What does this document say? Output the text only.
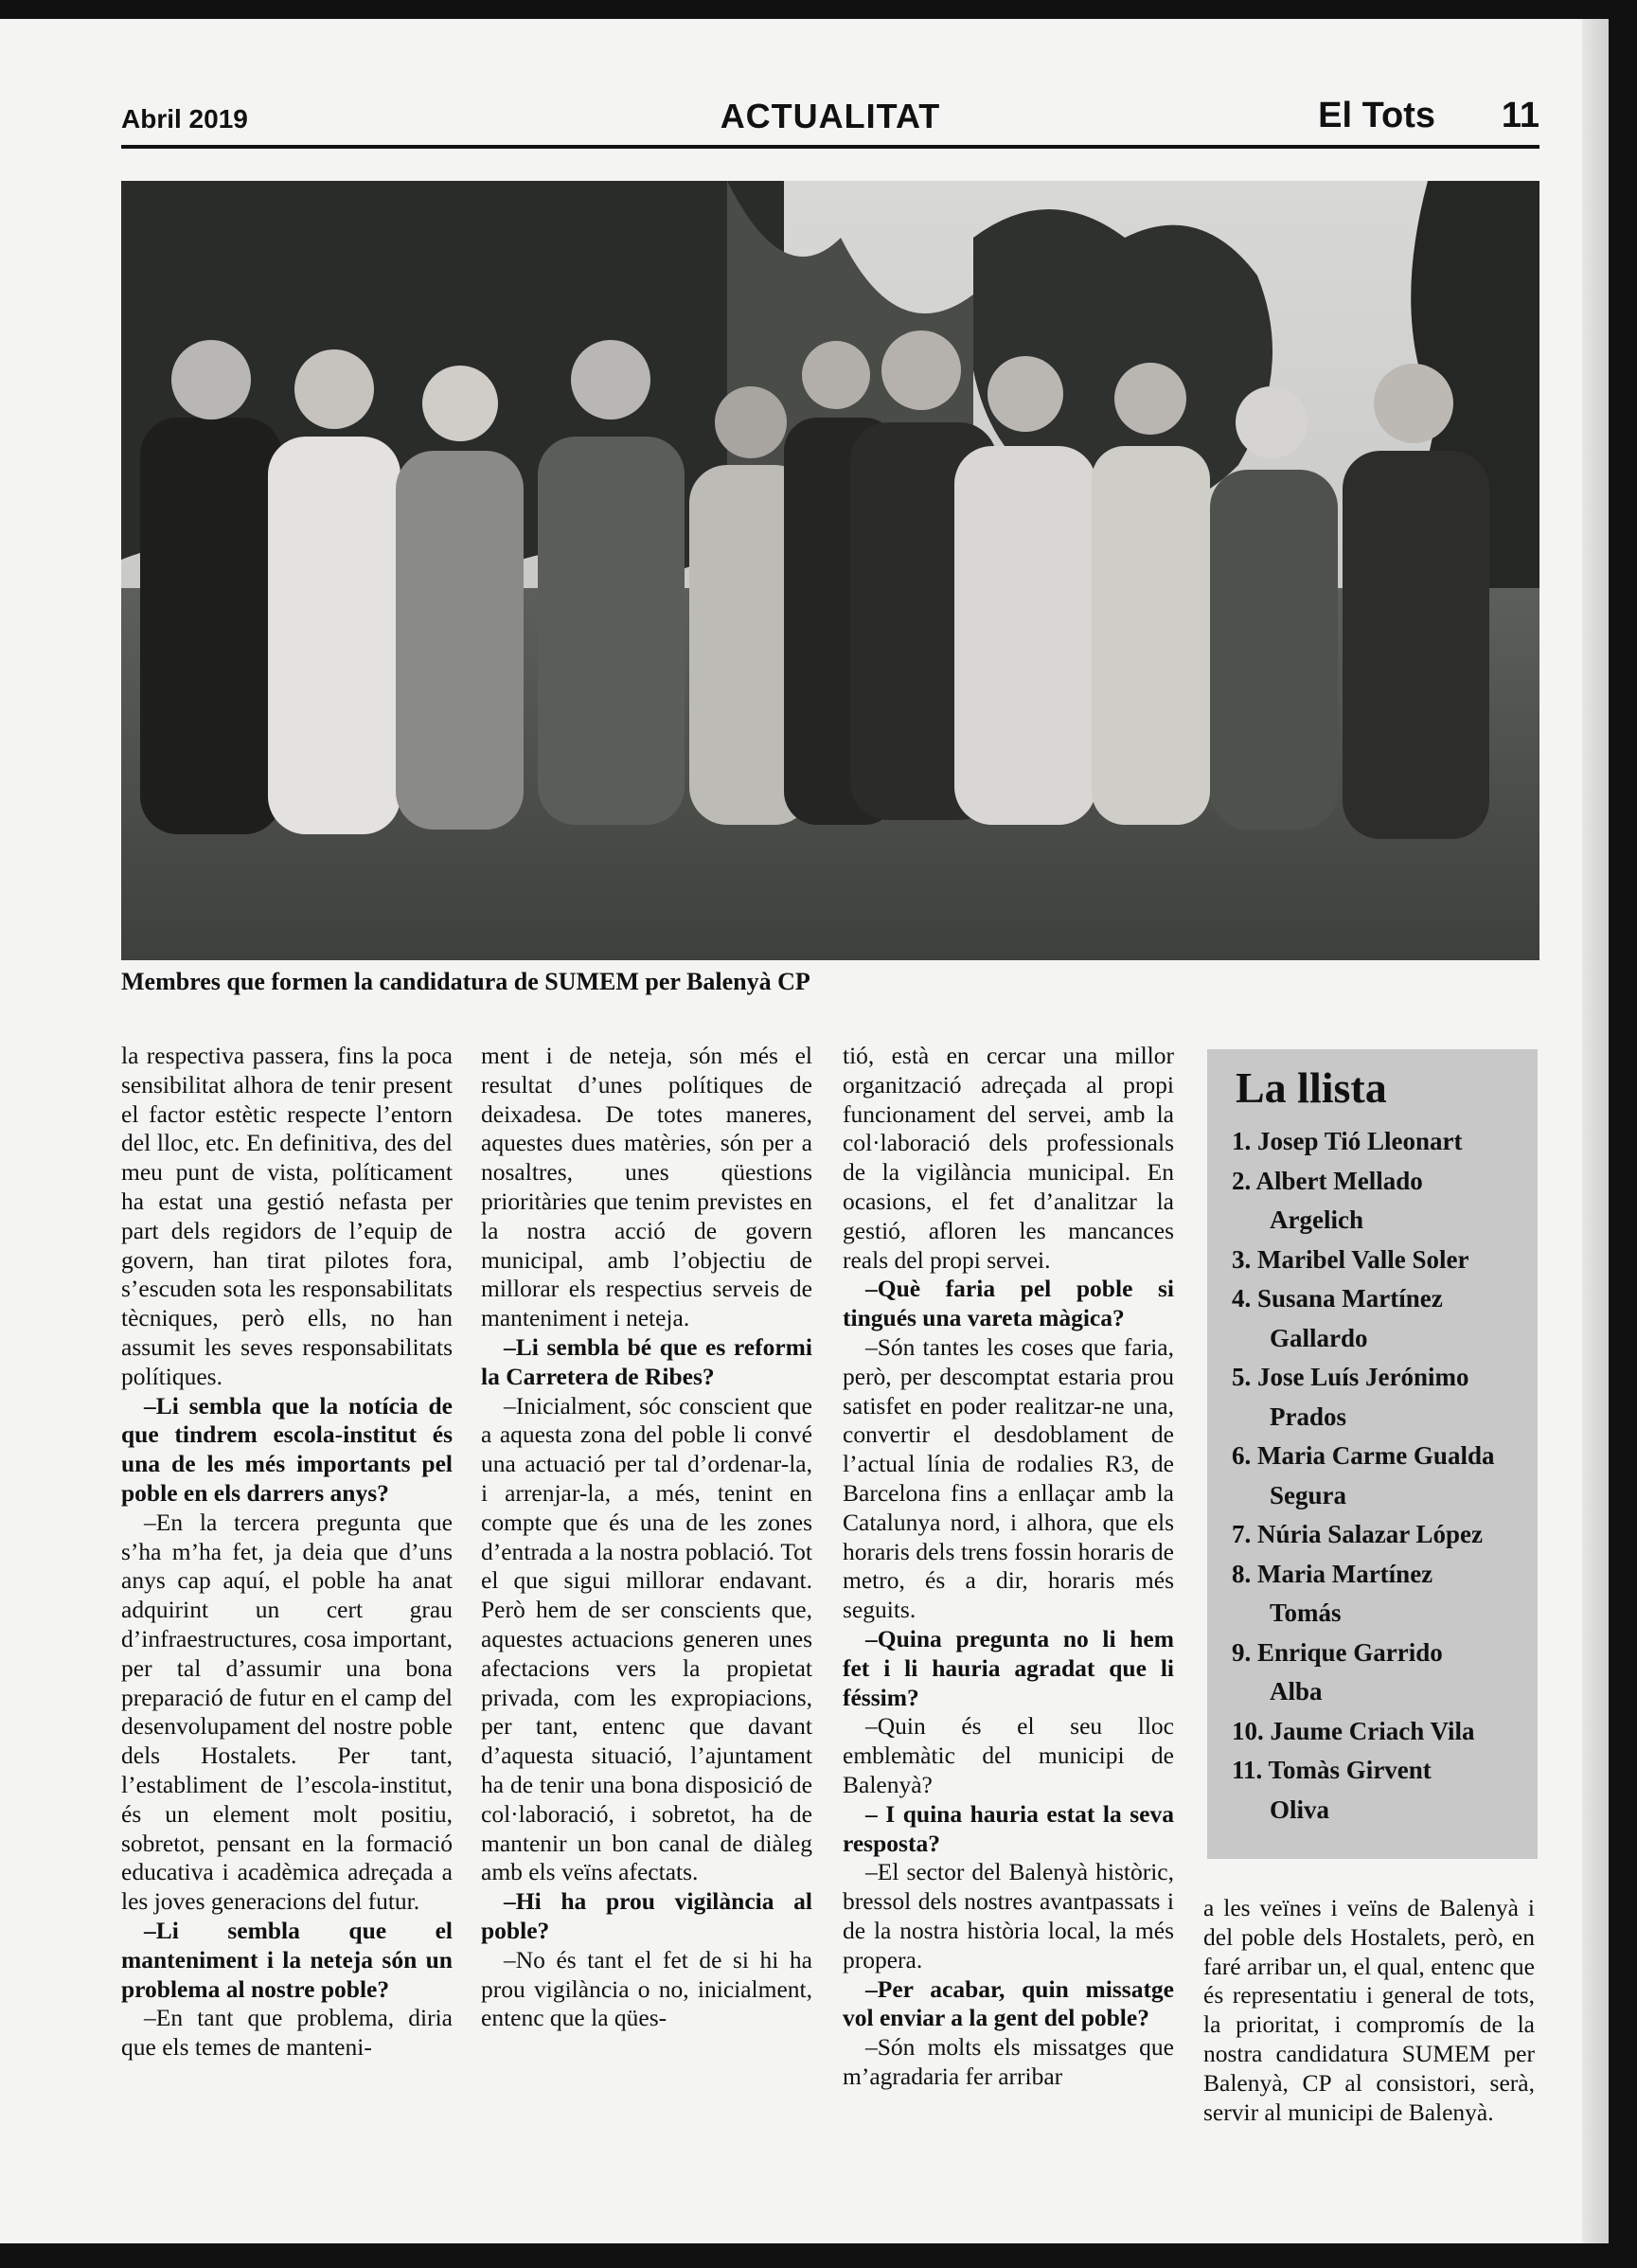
Abril 2019	ACTUALITAT	El Tots 11
Membres que formen la candidatura de SUMEM per Balenyà CP

la respectiva passera, fins la poca sensibilitat alhora de tenir present el factor estètic respecte l’entorn del lloc, etc. En definitiva, des del meu punt de vista, políticament ha estat una gestió nefasta per part dels regidors de l’equip de govern, han tirat pilotes fora, s’escuden sota les responsabilitats tècniques, però ells, no han assumit les seves responsabilitats polítiques.

–Li sembla que la notícia de que tindrem escola-institut és una de les més importants pel poble en els darrers anys?

–En la tercera pregunta que s’ha m’ha fet, ja deia que d’uns anys cap aquí, el poble ha anat adquirint un cert grau d’infraestructures, cosa important, per tal d’assumir una bona preparació de futur en el camp del desenvolupament del nostre poble dels Hostalets. Per tant, l’establiment de l’escola-institut, és un element molt positiu, sobretot, pensant en la formació educativa i acadèmica adreçada a les joves generacions del futur.

–Li sembla que el manteniment i la neteja són un problema al nostre poble?

–En tant que problema, diria que els temes de manteni-

ment i de neteja, són més el resultat d’unes polítiques de deixadesa. De totes maneres, aquestes dues matèries, són per a nosaltres, unes qüestions prioritàries que tenim previstes en la nostra acció de govern municipal, amb l’objectiu de millorar els respectius serveis de manteniment i neteja.

–Li sembla bé que es reformi la Carretera de Ribes?

–Inicialment, sóc conscient que a aquesta zona del poble li convé una actuació per tal d’ordenar-la, i arrenjar-la, a més, tenint en compte que és una de les zones d’entrada a la nostra població. Tot el que sigui millorar endavant. Però hem de ser conscients que, aquestes actuacions generen unes afectacions vers la propietat privada, com les expropiacions, per tant, entenc que davant d’aquesta situació, l’ajuntament ha de tenir una bona disposició de col·laboració, i sobretot, ha de mantenir un bon canal de diàleg amb els veïns afectats.

–Hi ha prou vigilància al poble?

–No és tant el fet de si hi ha prou vigilància o no, inicialment, entenc que la qües-

tió, està en cercar una millor organització adreçada al propi funcionament del servei, amb la col·laboració dels professionals de la vigilància municipal. En ocasions, el fet d’analitzar la gestió, afloren les mancances reals del propi servei.

–Què faria pel poble si tingués una vareta màgica?

–Són tantes les coses que faria, però, per descomptat estaria prou satisfet en poder realitzar-ne una, convertir el desdoblament de l’actual línia de rodalies R3, de Barcelona fins a enllaçar amb la Catalunya nord, i alhora, que els horaris dels trens fossin horaris de metro, és a dir, horaris més seguits.

–Quina pregunta no li hem fet i li hauria agradat que li féssim?

–Quin és el seu lloc emblemàtic del municipi de Balenyà?

– I quina hauria estat la seva resposta?

–El sector del Balenyà històric, bressol dels nostres avantpassats i de la nostra història local, la més propera.

–Per acabar, quin missatge vol enviar a la gent del poble?

–Són molts els missatges que m’agradaria fer arribar

La llista
1. Josep Tió Lleonart
2. Albert Mellado
Argelich
3. Maribel Valle Soler
4. Susana Martínez
Gallardo
5. Jose Luís Jerónimo
Prados
6. Maria Carme Gualda
Segura
7. Núria Salazar López
8. Maria Martínez
Tomás
9. Enrique Garrido
Alba
10. Jaume Criach Vila
11. Tomàs Girvent
Oliva

a les veïnes i veïns de Balenyà i del poble dels Hostalets, però, en faré arribar un, el qual, entenc que és representatiu i general de tots, la prioritat, i compromís de la nostra candidatura SUMEM per Balenyà, CP al consistori, serà, servir al municipi de Balenyà.
